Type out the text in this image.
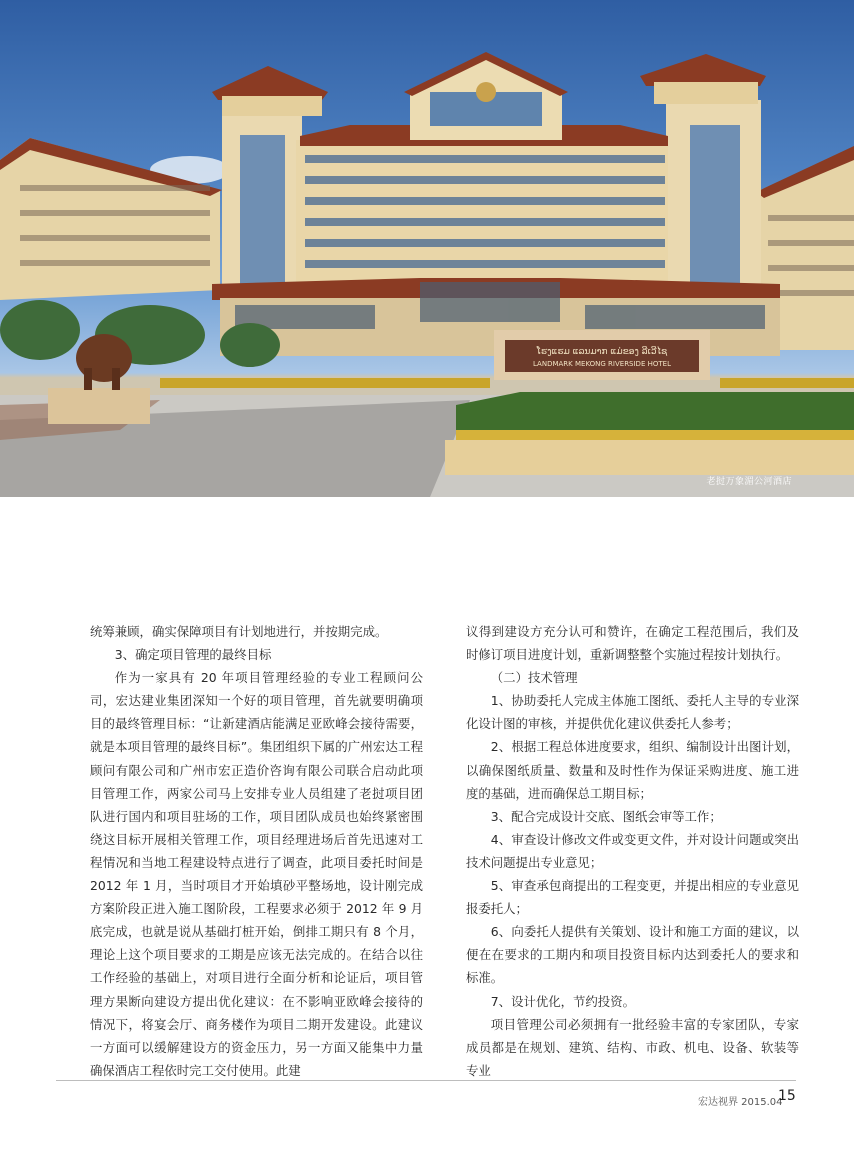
ໂຮງແຮມ ແລນມາກ ແມ່ຂອງ ລີເວີໄຊ
LANDMARK MEKONG RIVERSIDE HOTEL
老挝万象湄公河酒店

统筹兼顾，确实保障项目有计划地进行，并按期完成。

3、确定项目管理的最终目标

作为一家具有 20 年项目管理经验的专业工程顾问公司，宏达建业集团深知一个好的项目管理，首先就要明确项目的最终管理目标：“让新建酒店能满足亚欧峰会接待需要，就是本项目管理的最终目标”。集团组织下属的广州宏达工程顾问有限公司和广州市宏正造价咨询有限公司联合启动此项目管理工作，两家公司马上安排专业人员组建了老挝项目团队进行国内和项目驻场的工作，项目团队成员也始终紧密围绕这目标开展相关管理工作，项目经理进场后首先迅速对工程情况和当地工程建设特点进行了调查，此项目委托时间是 2012 年 1 月，当时项目才开始填砂平整场地，设计刚完成方案阶段正进入施工图阶段，工程要求必须于 2012 年 9 月底完成，也就是说从基础打桩开始，倒排工期只有 8 个月，理论上这个项目要求的工期是应该无法完成的。在结合以往工作经验的基础上，对项目进行全面分析和论证后，项目管理方果断向建设方提出优化建议：在不影响亚欧峰会接待的情况下，将宴会厅、商务楼作为项目二期开发建设。此建议一方面可以缓解建设方的资金压力，另一方面又能集中力量确保酒店工程依时完工交付使用。此建

议得到建设方充分认可和赞许，在确定工程范围后，我们及时修订项目进度计划，重新调整整个实施过程按计划执行。

（二）技术管理

1、协助委托人完成主体施工图纸、委托人主导的专业深化设计图的审核，并提供优化建议供委托人参考；

2、根据工程总体进度要求，组织、编制设计出图计划，以确保图纸质量、数量和及时性作为保证采购进度、施工进度的基础，进而确保总工期目标；

3、配合完成设计交底、图纸会审等工作；

4、审查设计修改文件或变更文件，并对设计问题或突出技术问题提出专业意见；

5、审查承包商提出的工程变更，并提出相应的专业意见报委托人；

6、向委托人提供有关策划、设计和施工方面的建议，以便在在要求的工期内和项目投资目标内达到委托人的要求和标准。

7、设计优化，节约投资。

项目管理公司必须拥有一批经验丰富的专家团队，专家成员都是在规划、建筑、结构、市政、机电、设备、软装等专业

宏达视界 2015.04
15
